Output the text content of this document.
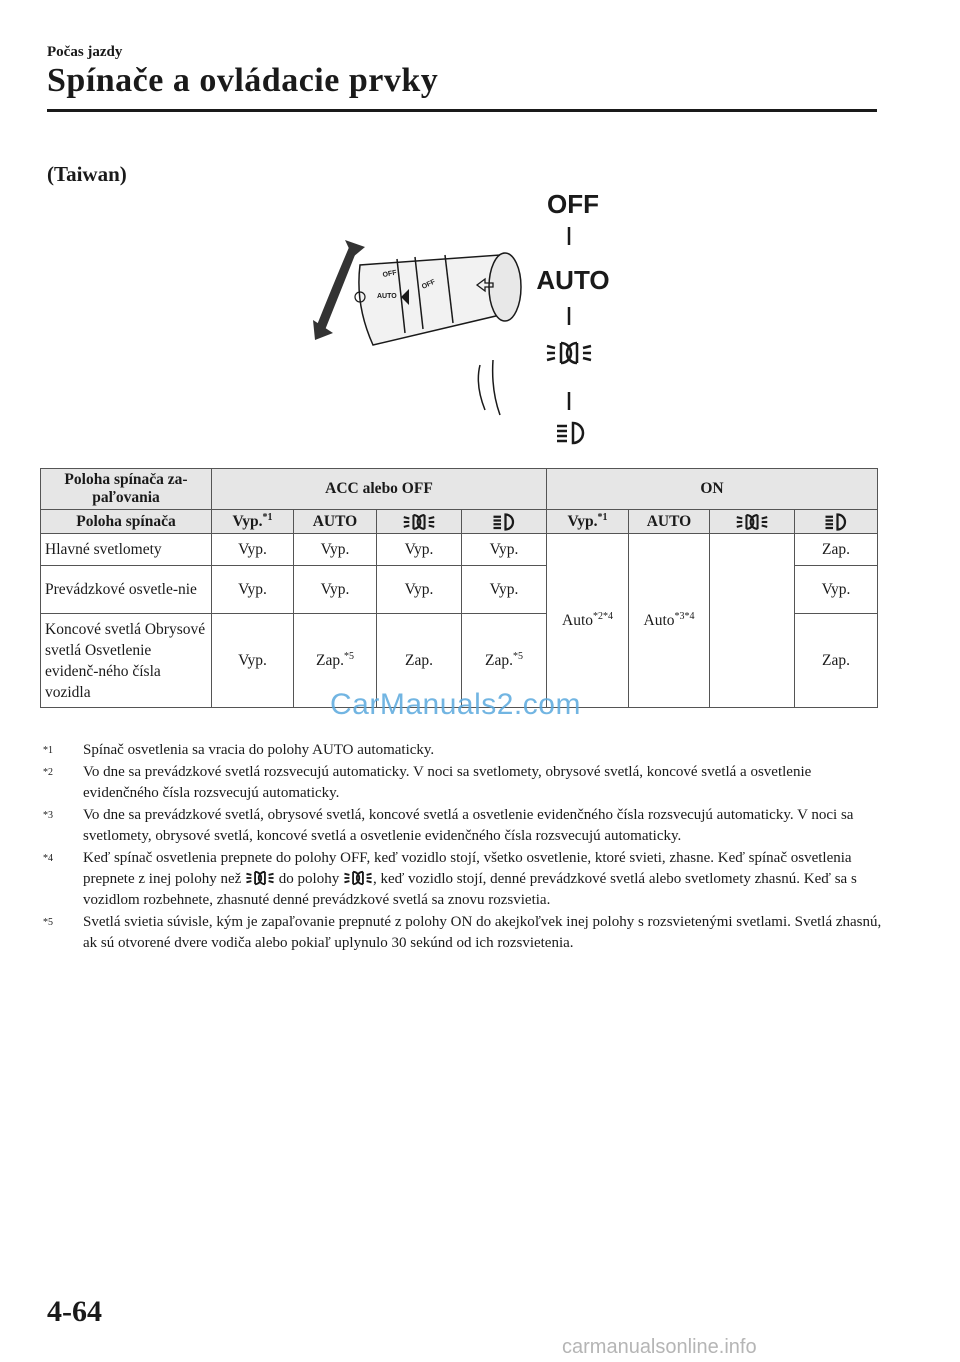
Počas jazdy
Spínače a ovládacie prvky
(Taiwan)
OFF
AUTO
OFF
AUTO
OFF
Poloha spínača za-paľovania	ACC alebo OFF				ON			
Poloha spínača	Vyp.$^{*1}$	AUTO			Vyp.$^{*1}$	AUTO		
Hlavné svetlomety	Vyp.	Vyp.	Vyp.	Vyp.	Auto$^{*2*4}$	Auto$^{*3*4}$		Zap.
Prevádzkové osvetle-nie	Vyp.	Vyp.	Vyp.	Vyp.				Vyp.
Koncové svetlá Obrysové svetlá Osvetlenie evidenč-ného čísla vozidla	Vyp.	Zap.$^{*5}$	Zap.	Zap.$^{*5}$				Zap.
CarManuals2.com
*1 Spínač osvetlenia sa vracia do polohy AUTO automaticky.
*2 Vo dne sa prevádzkové svetlá rozsvecujú automaticky. V noci sa svetlomety, obrysové svetlá, koncové svetlá a osvetlenie evidenčného čísla rozsvecujú automaticky.
*3 Vo dne sa prevádzkové svetlá, obrysové svetlá, koncové svetlá a osvetlenie evidenčného čísla rozsvecujú automaticky. V noci sa svetlomety, obrysové svetlá, koncové svetlá a osvetlenie evidenčného čísla rozsvecujú automaticky.
*4 Keď spínač osvetlenia prepnete do polohy OFF, keď vozidlo stojí, všetko osvetlenie, ktoré svieti, zhasne. Keď spínač osvetlenia prepnete z inej polohy než	do polohy , keď vozidlo stojí, denné prevádzkové svetlá alebo svetlomety zhasnú. Keď sa s vozidlom rozbehnete, zhasnuté denné prevádzkové svetlá sa znovu rozsvietia.
*5 Svetlá svietia súvisle, kým je zapaľovanie prepnuté z polohy ON do akejkoľvek inej polohy s rozsvietenými svetlami. Svetlá zhasnú, ak sú otvorené dvere vodiča alebo pokiaľ uplynulo 30 sekúnd od ich rozsvietenia.
4-64
carmanualsonline.info
